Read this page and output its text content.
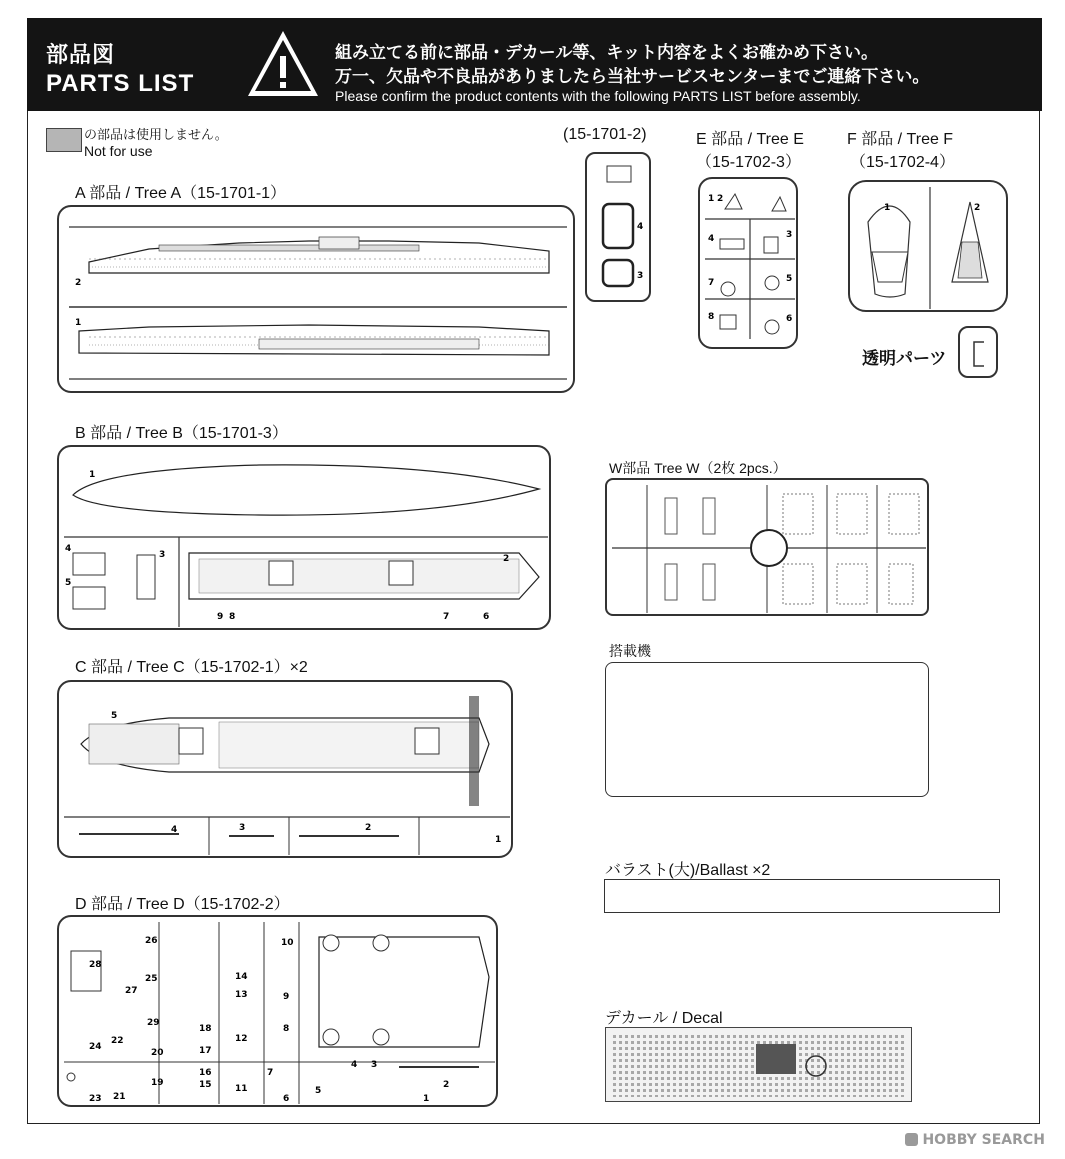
部品図
PARTS LIST
組み立てる前に部品・デカール等、キット内容をよくお確かめ下さい。
万一、欠品や不良品がありましたら当社サービスセンターまでご連絡下さい。
Please confirm the product contents with the following PARTS LIST before assembly.
の部品は使用しません。
Not for use
A 部品 / Tree A（15-1701-1）
2
1
(15-1701-2)
4
3
E 部品 / Tree E
（15-1702-3）
1 2
3
4
5
6
7
8
F 部品 / Tree F
（15-1702-4）
1	2
透明パーツ
B 部品 / Tree B（15-1701-3）
1
2
3
4
5
6
7
8
9
W部品 Tree W（2枚 2pcs.）
搭載機
C 部品 / Tree C（15-1702-1）×2
5
4	3	2
1
バラスト(大)/Ballast ×2
D 部品 / Tree D（15-1702-2）
28
27
26
25
24
23
22
21
20
19
18
17
16
15
14
13
12
11
10
9
8
7
6
5
4 3
2
1
29	デカール / Decal
HOBBY SEARCH
